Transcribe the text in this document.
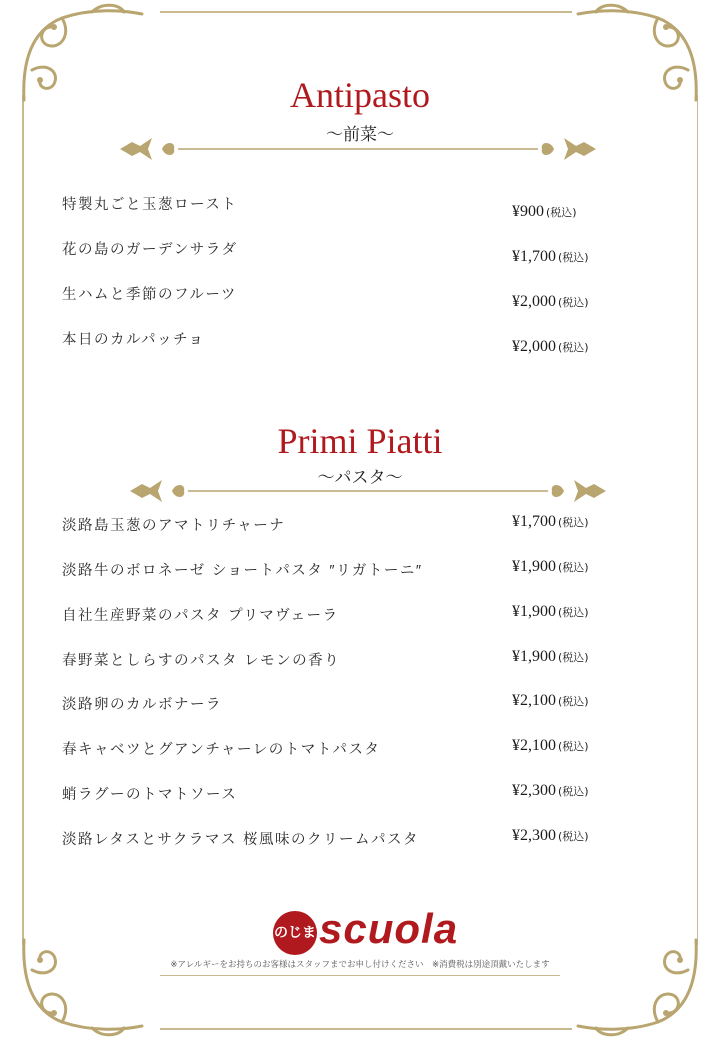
Antipasto
～前菜～
特製丸ごと玉葱ロースト	¥900 (税込)
花の島のガーデンサラダ	¥1,700 (税込)
生ハムと季節のフルーツ	¥2,000 (税込)
本日のカルパッチョ	¥2,000 (税込)
Primi Piatti
～パスタ～
淡路島玉葱のアマトリチャーナ	¥1,700 (税込)
淡路牛のボロネーゼ ショートパスタ ″リガトーニ″	¥1,900 (税込)
自社生産野菜のパスタ プリマヴェーラ	¥1,900 (税込)
春野菜としらすのパスタ レモンの香り	¥1,900 (税込)
淡路卵のカルボナーラ	¥2,100 (税込)
春キャベツとグアンチャーレのトマトパスタ	¥2,100 (税込)
蛸ラグーのトマトソース	¥2,300 (税込)
淡路レタスとサクラマス 桜風味のクリームパスタ	¥2,300 (税込)
のじま scuola
※アレルギーをお持ちのお客様はスタッフまでお申し付けください　※消費税は別途頂戴いたします
